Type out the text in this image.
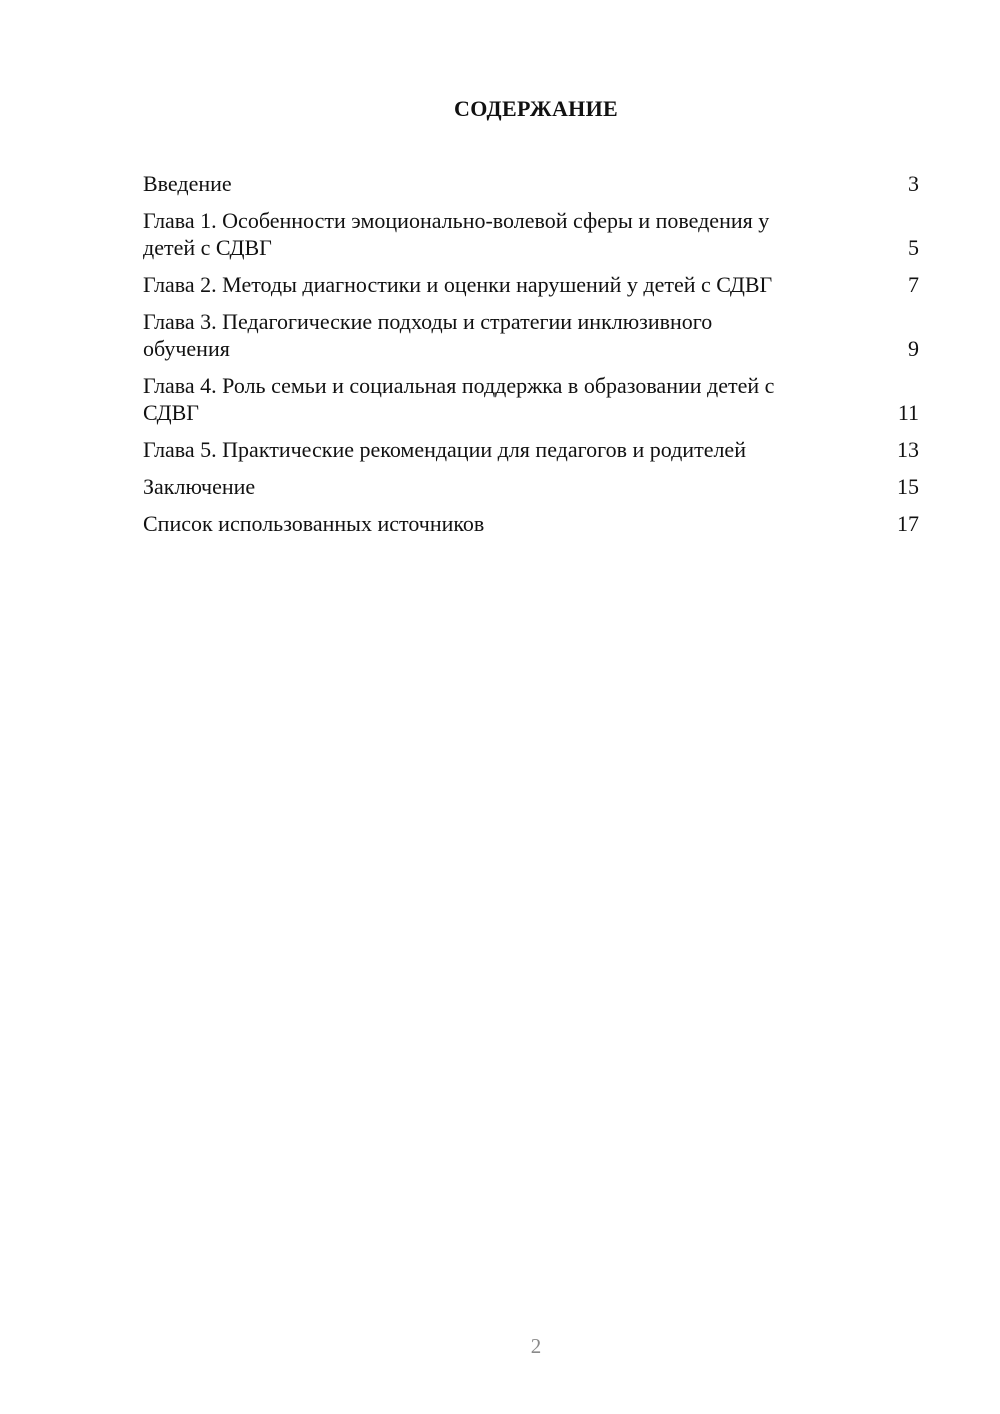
СОДЕРЖАНИЕ
Введение	3
Глава 1. Особенности эмоционально-волевой сферы и поведения у детей с СДВГ	5
Глава 2. Методы диагностики и оценки нарушений у детей с СДВГ	7
Глава 3. Педагогические подходы и стратегии инклюзивного обучения	9
Глава 4. Роль семьи и социальная поддержка в образовании детей с СДВГ	11
Глава 5. Практические рекомендации для педагогов и родителей	13
Заключение	15
Список использованных источников	17
2
